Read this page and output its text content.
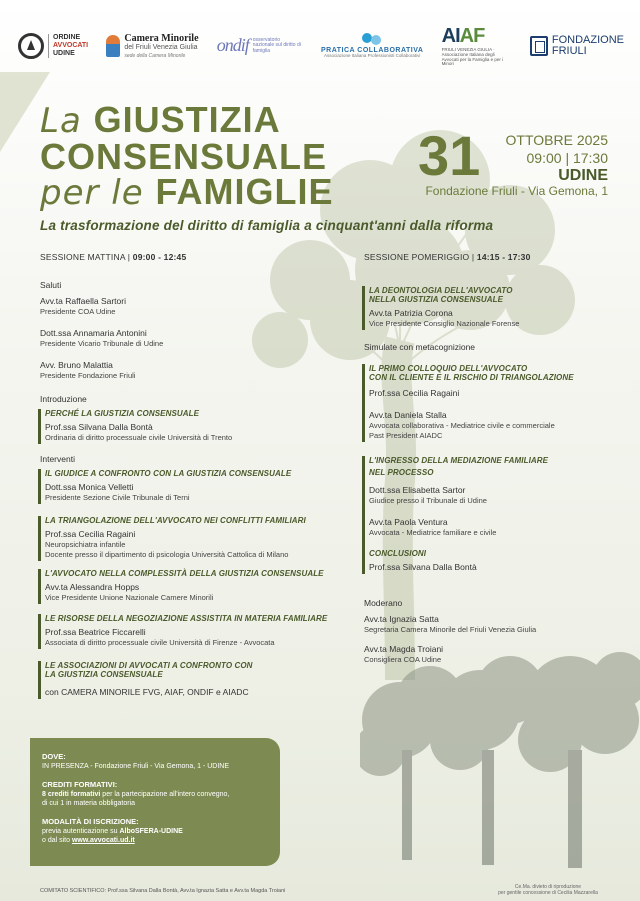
ORDINE
AVVOCATI
UDINE
Camera Minorile
del Friuli Venezia Giulia
sede della Camera Minorile
ondif osservatorio nazionale sul diritto di famiglia	PRATICA COLLABORATIVA
Associazione Italiana Professionisti Collaborativi
AIAF
FRIULI VENEZIA GIULIA · Associazione Italiana degli Avvocati per la Famiglia e per i Minori
FONDAZIONE
FRIULI
La GIUSTIZIA
CONSENSUALE
per le FAMIGLIE
31 OTTOBRE 2025
09:00 | 17:30
UDINE
Fondazione Friuli - Via Gemona, 1
La trasformazione del diritto di famiglia a cinquant'anni dalla riforma
SESSIONE MATTINA | 09:00 - 12:45
Saluti
Avv.ta Raffaella Sartori
Presidente COA Udine
Dott.ssa Annamaria Antonini
Presidente Vicario Tribunale di Udine
Avv. Bruno Malattia
Presidente Fondazione Friuli
Introduzione
PERCHÉ LA GIUSTIZIA CONSENSUALE
Prof.ssa Silvana Dalla Bontà
Ordinaria di diritto processuale civile Università di Trento
Interventi
IL GIUDICE A CONFRONTO CON LA GIUSTIZIA CONSENSUALE
Dott.ssa Monica Velletti
Presidente Sezione Civile Tribunale di Terni
LA TRIANGOLAZIONE DELL'AVVOCATO NEI CONFLITTI FAMILIARI
Prof.ssa Cecilia Ragaini
Neuropsichiatra infantile
Docente presso il dipartimento di psicologia Università Cattolica di Milano
L'AVVOCATO NELLA COMPLESSITÀ DELLA GIUSTIZIA CONSENSUALE
Avv.ta Alessandra Hopps
Vice Presidente Unione Nazionale Camere Minorili
LE RISORSE DELLA NEGOZIAZIONE ASSISTITA IN MATERIA FAMILIARE
Prof.ssa Beatrice Ficcarelli
Associata di diritto processuale civile Università di Firenze - Avvocata
LE ASSOCIAZIONI DI AVVOCATI A CONFRONTO CON
LA GIUSTIZIA CONSENSUALE
con CAMERA MINORILE FVG, AIAF, ONDIF e AIADC
SESSIONE POMERIGGIO | 14:15 - 17:30
LA DEONTOLOGIA DELL'AVVOCATO
NELLA GIUSTIZIA CONSENSUALE
Avv.ta Patrizia Corona
Vice Presidente Consiglio Nazionale Forense
Simulate con metacognizione
IL PRIMO COLLOQUIO DELL'AVVOCATO
CON IL CLIENTE E IL RISCHIO DI TRIANGOLAZIONE
Prof.ssa Cecilia Ragaini
Avv.ta Daniela Stalla
Avvocata collaborativa - Mediatrice civile e commerciale
Past President AIADC
L'INGRESSO DELLA MEDIAZIONE FAMILIARE
NEL PROCESSO
Dott.ssa Elisabetta Sartor
Giudice presso il Tribunale di Udine
Avv.ta Paola Ventura
Avvocata - Mediatrice familiare e civile
CONCLUSIONI
Prof.ssa Silvana Dalla Bontà
Moderano
Avv.ta Ignazia Satta
Segretaria Camera Minorile del Friuli Venezia Giulia
Avv.ta Magda Troiani
Consigliera COA Udine
DOVE:
IN PRESENZA - Fondazione Friuli - Via Gemona, 1 - UDINE
CREDITI FORMATIVI:
8 crediti formativi per la partecipazione all'intero convegno,
di cui 1 in materia obbligatoria
MODALITÀ DI ISCRIZIONE:
previa autenticazione su AlboSFERA-UDINE
o dal sito www.avvocati.ud.it
COMITATO SCIENTIFICO: Prof.ssa Silvana Dalla Bontà, Avv.ta Ignazia Satta e Avv.ta Magda Troiani
Ce.Ma. divieto di riproduzione
per gentile concessione di Cecilia Mazzarella
